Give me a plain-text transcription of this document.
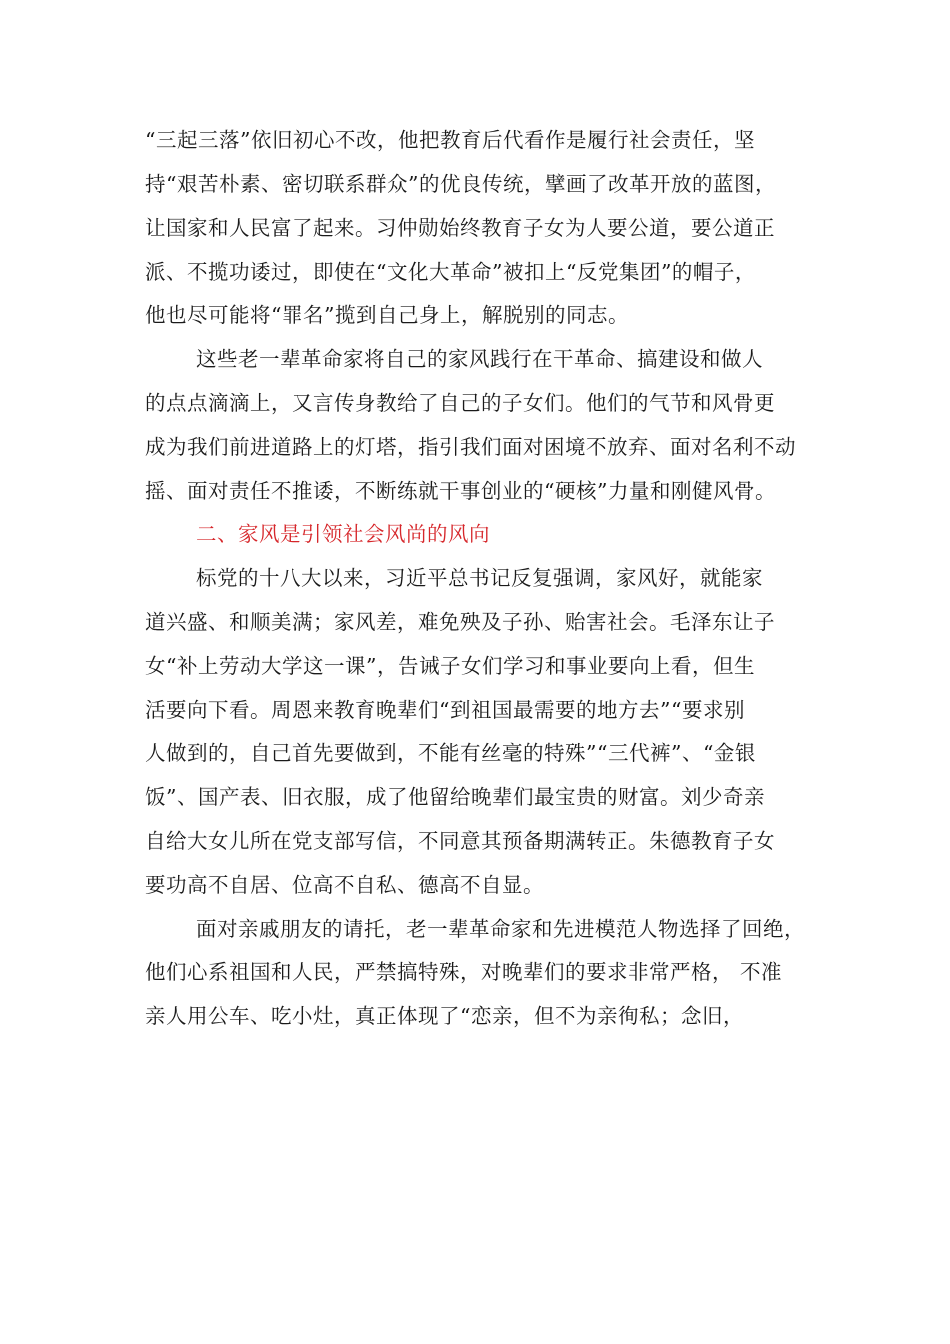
“三起三落”依旧初心不改，他把教育后代看作是履行社会责任，坚
持“艰苦朴素、密切联系群众”的优良传统，擘画了改革开放的蓝图，
让国家和人民富了起来。习仲勋始终教育子女为人要公道，要公道正
派、不揽功诿过，即使在“文化大革命”被扣上“反党集团”的帽子，
他也尽可能将“罪名”揽到自己身上，解脱别的同志。
这些老一辈革命家将自己的家风践行在干革命、搞建设和做人
的点点滴滴上，又言传身教给了自己的子女们。他们的气节和风骨更
成为我们前进道路上的灯塔，指引我们面对困境不放弃、面对名利不动
摇、面对责任不推诿，不断练就干事创业的“硬核”力量和刚健风骨。
二、家风是引领社会风尚的风向
标党的十八大以来，习近平总书记反复强调，家风好，就能家
道兴盛、和顺美满；家风差，难免殃及子孙、贻害社会。毛泽东让子
女“补上劳动大学这一课”，告诫子女们学习和事业要向上看，但生
活要向下看。周恩来教育晚辈们“到祖国最需要的地方去”“要求别
人做到的，自己首先要做到，不能有丝毫的特殊”“三代裤”、“金银
饭”、国产表、旧衣服，成了他留给晚辈们最宝贵的财富。刘少奇亲
自给大女儿所在党支部写信，不同意其预备期满转正。朱德教育子女
要功高不自居、位高不自私、德高不自显。
面对亲戚朋友的请托，老一辈革命家和先进模范人物选择了回绝，
他们心系祖国和人民，严禁搞特殊，对晚辈们的要求非常严格， 不准
亲人用公车、吃小灶，真正体现了“恋亲，但不为亲徇私；念旧，
